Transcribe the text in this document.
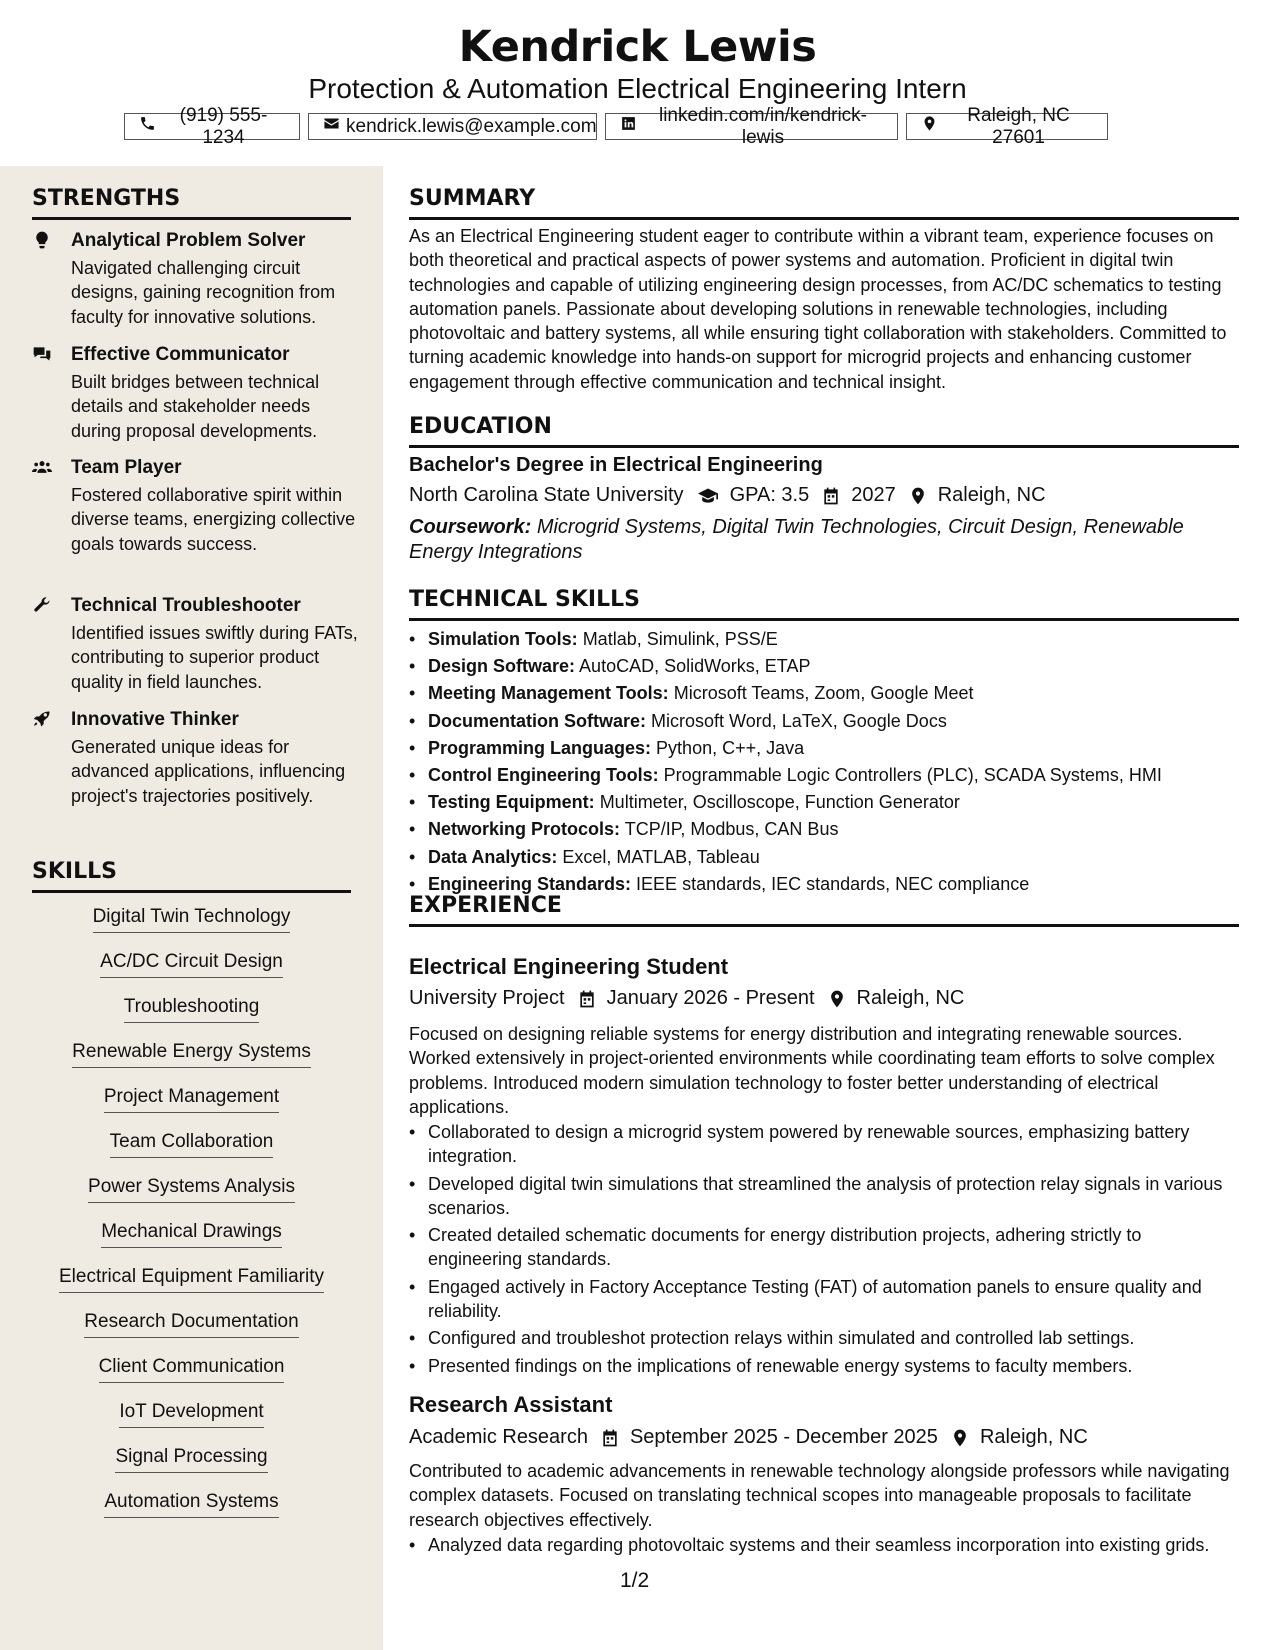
Kendrick Lewis
Protection & Automation Electrical Engineering Intern
(919) 555-1234
kendrick.lewis@example.com
linkedin.com/in/kendrick-lewis
Raleigh, NC 27601
STRENGTHS
Analytical Problem Solver
Navigated challenging circuit designs, gaining recognition from faculty for innovative solutions.
Effective Communicator
Built bridges between technical details and stakeholder needs during proposal developments.
Team Player
Fostered collaborative spirit within diverse teams, energizing collective goals towards success.
Technical Troubleshooter
Identified issues swiftly during FATs, contributing to superior product quality in field launches.
Innovative Thinker
Generated unique ideas for advanced applications, influencing project's trajectories positively.
SKILLS
Digital Twin Technology
AC/DC Circuit Design
Troubleshooting
Renewable Energy Systems
Project Management
Team Collaboration
Power Systems Analysis
Mechanical Drawings
Electrical Equipment Familiarity
Research Documentation
Client Communication
IoT Development
Signal Processing
Automation Systems
SUMMARY
As an Electrical Engineering student eager to contribute within a vibrant team, experience focuses on both theoretical and practical aspects of power systems and automation. Proficient in digital twin technologies and capable of utilizing engineering design processes, from AC/DC schematics to testing automation panels. Passionate about developing solutions in renewable technologies, including photovoltaic and battery systems, all while ensuring tight collaboration with stakeholders. Committed to turning academic knowledge into hands-on support for microgrid projects and enhancing customer engagement through effective communication and technical insight.
EDUCATION
Bachelor's Degree in Electrical Engineering
North Carolina State University GPA: 3.5 2027 Raleigh, NC
Coursework: Microgrid Systems, Digital Twin Technologies, Circuit Design, Renewable Energy Integrations
TECHNICAL SKILLS
• Simulation Tools: Matlab, Simulink, PSS/E
• Design Software: AutoCAD, SolidWorks, ETAP
• Meeting Management Tools: Microsoft Teams, Zoom, Google Meet
• Documentation Software: Microsoft Word, LaTeX, Google Docs
• Programming Languages: Python, C++, Java
• Control Engineering Tools: Programmable Logic Controllers (PLC), SCADA Systems, HMI
• Testing Equipment: Multimeter, Oscilloscope, Function Generator
• Networking Protocols: TCP/IP, Modbus, CAN Bus
• Data Analytics: Excel, MATLAB, Tableau
• Engineering Standards: IEEE standards, IEC standards, NEC compliance
EXPERIENCE
Electrical Engineering Student
University Project January 2026 - Present Raleigh, NC
Focused on designing reliable systems for energy distribution and integrating renewable sources. Worked extensively in project-oriented environments while coordinating team efforts to solve complex problems. Introduced modern simulation technology to foster better understanding of electrical applications.
• Collaborated to design a microgrid system powered by renewable sources, emphasizing battery integration.
• Developed digital twin simulations that streamlined the analysis of protection relay signals in various scenarios.
• Created detailed schematic documents for energy distribution projects, adhering strictly to engineering standards.
• Engaged actively in Factory Acceptance Testing (FAT) of automation panels to ensure quality and reliability.
• Configured and troubleshot protection relays within simulated and controlled lab settings.
• Presented findings on the implications of renewable energy systems to faculty members.
Research Assistant
Academic Research September 2025 - December 2025 Raleigh, NC
Contributed to academic advancements in renewable technology alongside professors while navigating complex datasets. Focused on translating technical scopes into manageable proposals to facilitate research objectives effectively.
• Analyzed data regarding photovoltaic systems and their seamless incorporation into existing grids.
1/2
